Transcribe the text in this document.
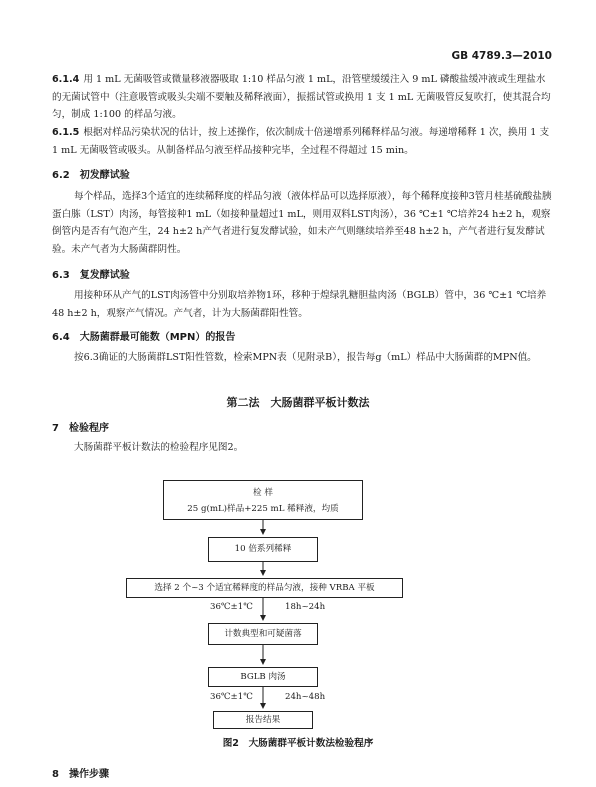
GB 4789.3—2010
6.1.4 用 1 mL 无菌吸管或微量移液器吸取 1:10 样品匀液 1 mL，沿管壁缓缓注入 9 mL 磷酸盐缓冲液或生理盐水的无菌试管中（注意吸管或吸头尖端不要触及稀释液面），振摇试管或换用 1 支 1 mL 无菌吸管反复吹打，使其混合均匀，制成 1:100 的样品匀液。
6.1.5 根据对样品污染状况的估计，按上述操作，依次制成十倍递增系列稀释样品匀液。每递增稀释 1 次，换用 1 支 1 mL 无菌吸管或吸头。从制备样品匀液至样品接种完毕，全过程不得超过 15 min。
6.2　初发酵试验
每个样品，选择3个适宜的连续稀释度的样品匀液（液体样品可以选择原液），每个稀释度接种3管月桂基硫酸盐胰蛋白胨（LST）肉汤，每管接种1 mL（如接种量超过1 mL，则用双料LST肉汤），36 ℃±1 ℃培养24 h±2 h，观察倒管内是否有气泡产生，24 h±2 h产气者进行复发酵试验，如未产气则继续培养至48 h±2 h，产气者进行复发酵试验。未产气者为大肠菌群阴性。
6.3　复发酵试验
用接种环从产气的LST肉汤管中分别取培养物1环，移种于煌绿乳糖胆盐肉汤（BGLB）管中，36 ℃±1 ℃培养48 h±2 h，观察产气情况。产气者，计为大肠菌群阳性管。
6.4　大肠菌群最可能数（MPN）的报告
按6.3确证的大肠菌群LST阳性管数，检索MPN表（见附录B），报告每g（mL）样品中大肠菌群的MPN值。
第二法　大肠菌群平板计数法
7　检验程序
大肠菌群平板计数法的检验程序见图2。
检 样
25 g(mL)样品+225 mL 稀释液，均质
10 倍系列稀释
选择 2 个~3 个适宜稀释度的样品匀液，接种 VRBA 平板
36℃±1℃	18h~24h
计数典型和可疑菌落
BGLB 肉汤
36℃±1℃	24h~48h
报告结果
图2　大肠菌群平板计数法检验程序
8　操作步骤
